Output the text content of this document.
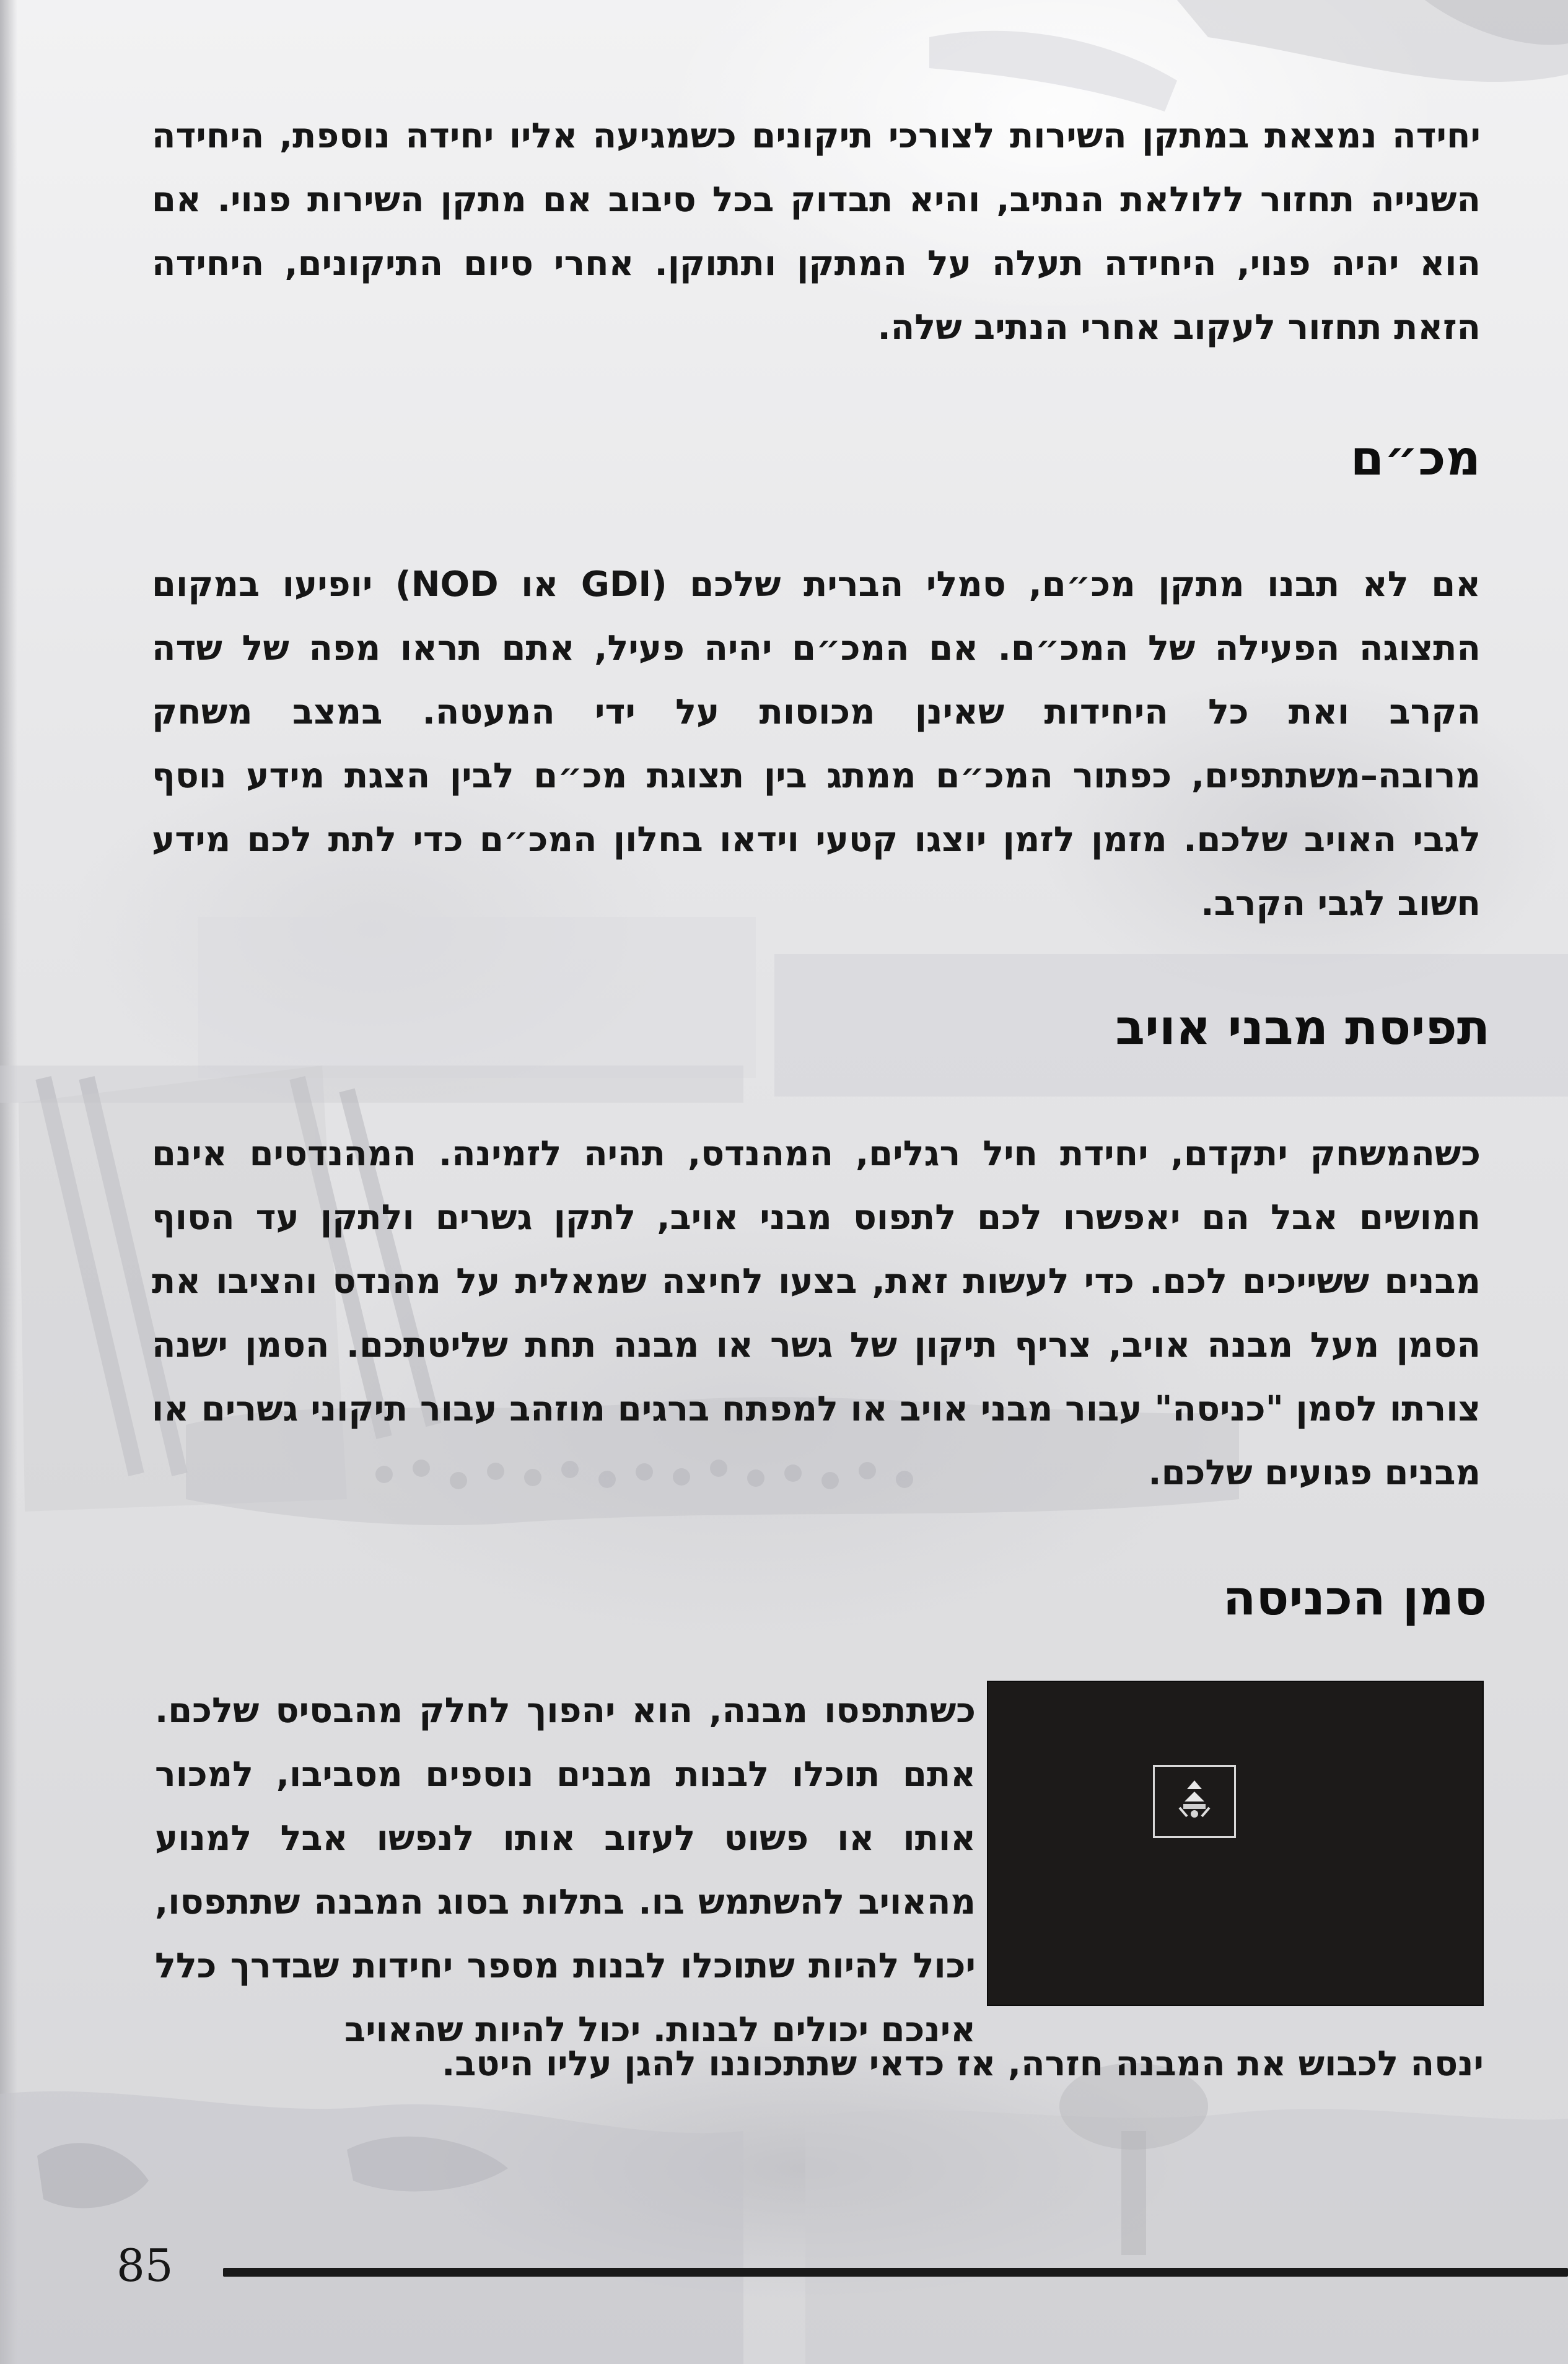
יחידה נמצאת במתקן השירות לצורכי תיקונים כשמגיעה אליו יחידה נוספת, היחידה השנייה תחזור ללולאת הנתיב, והיא תבדוק בכל סיבוב אם מתקן השירות פנוי. אם הוא יהיה פנוי, היחידה תעלה על המתקן ותתוקן. אחרי סיום התיקונים, היחידה הזאת תחזור לעקוב אחרי הנתיב שלה.

מכ״ם

אם לא תבנו מתקן מכ״ם, סמלי הברית שלכם (GDI או NOD) יופיעו במקום התצוגה הפעילה של המכ״ם. אם המכ״ם יהיה פעיל, אתם תראו מפה של שדה הקרב ואת כל היחידות שאינן מכוסות על ידי המעטה. במצב משחק מרובה–משתתפים, כפתור המכ״ם ממתג בין תצוגת מכ״ם לבין הצגת מידע נוסף לגבי האויב שלכם. מזמן לזמן יוצגו קטעי וידאו בחלון המכ״ם כדי לתת לכם מידע חשוב לגבי הקרב.

תפיסת מבני אויב

כשהמשחק יתקדם, יחידת חיל רגלים, המהנדס, תהיה לזמינה. המהנדסים אינם חמושים אבל הם יאפשרו לכם לתפוס מבני אויב, לתקן גשרים ולתקן עד הסוף מבנים ששייכים לכם. כדי לעשות זאת, בצעו לחיצה שמאלית על מהנדס והציבו את הסמן מעל מבנה אויב, צריף תיקון של גשר או מבנה תחת שליטתכם. הסמן ישנה צורתו לסמן "כניסה" עבור מבני אויב או למפתח ברגים מוזהב עבור תיקוני גשרים או מבנים פגועים שלכם.

סמן הכניסה

כשתתפסו מבנה, הוא יהפוך לחלק מהבסיס שלכם. אתם תוכלו לבנות מבנים נוספים מסביבו, למכור אותו או פשוט לעזוב אותו לנפשו אבל למנוע מהאויב להשתמש בו. בתלות בסוג המבנה שתתפסו, יכול להיות שתוכלו לבנות מספר יחידות שבדרך כלל אינכם יכולים לבנות. יכול להיות שהאויב

ינסה לכבוש את המבנה חזרה, אז כדאי שתתכוננו להגן עליו היטב.

85
